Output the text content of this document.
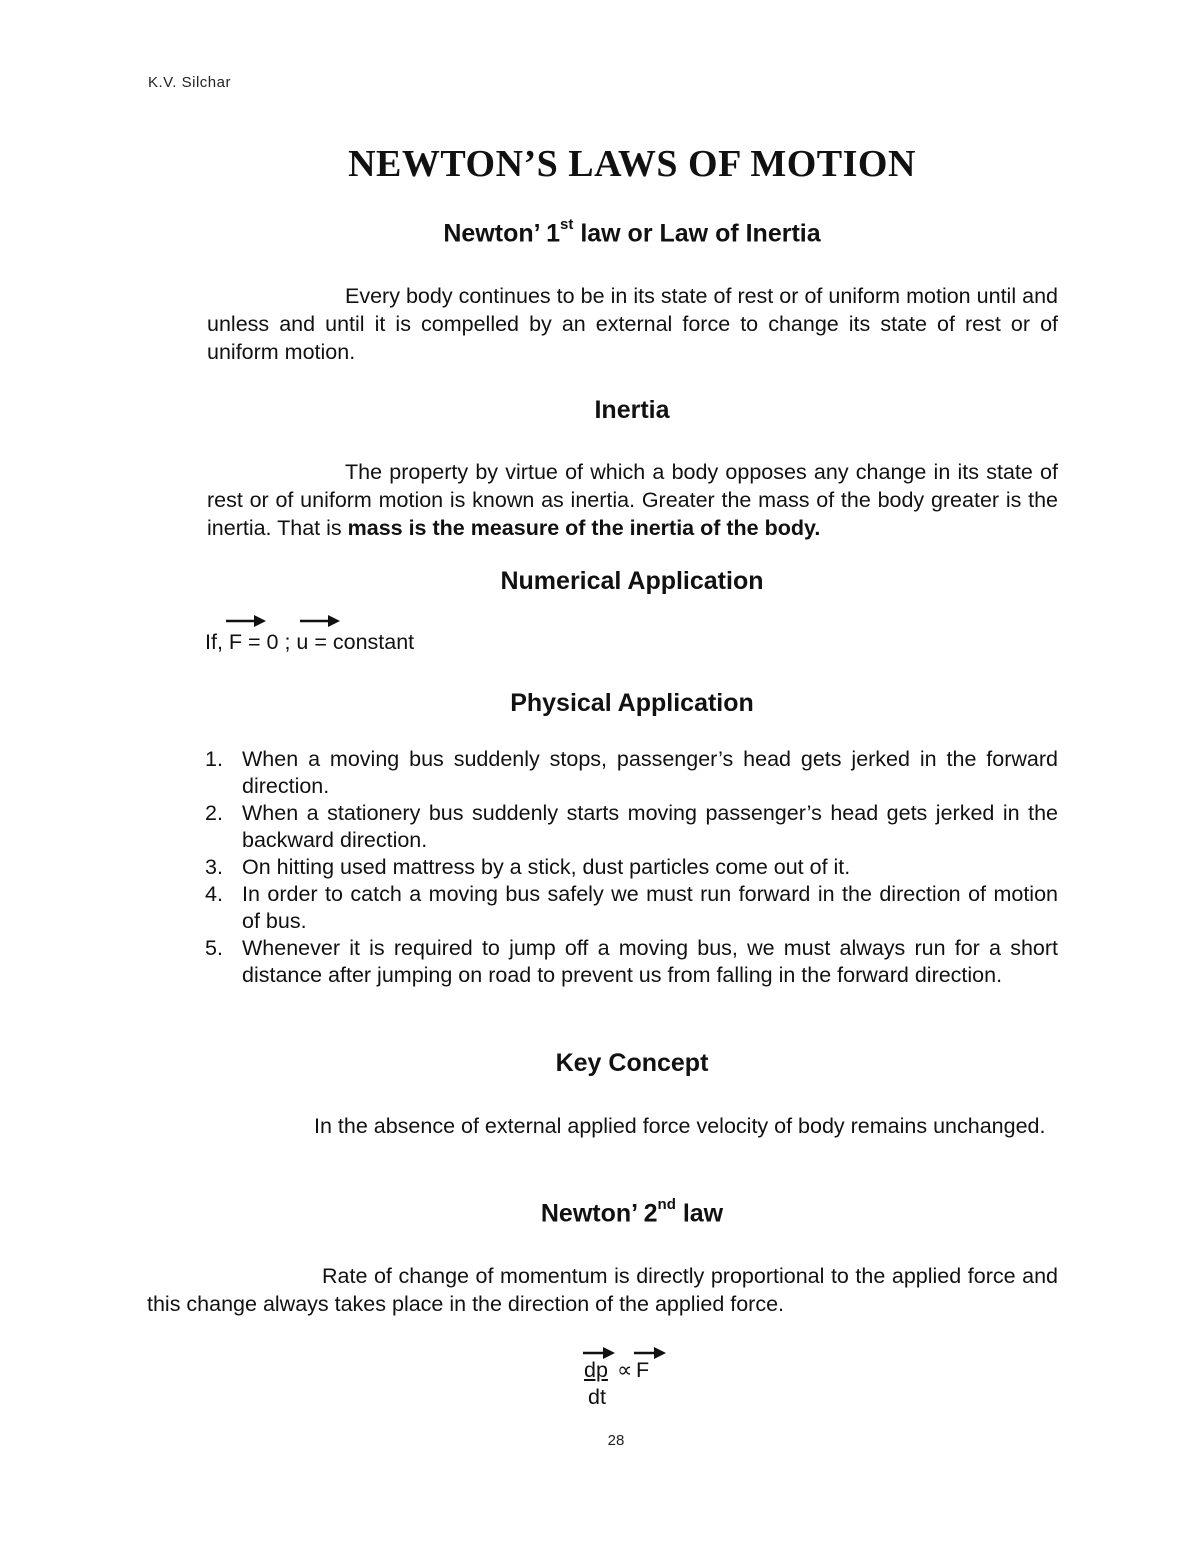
K.V. Silchar
NEWTON’S LAWS OF MOTION
Newton’ 1st law or Law of Inertia
Every body continues to be in its state of rest or of uniform motion until and unless and until it is compelled by an external force to change its state of rest or of uniform motion.
Inertia
The property by virtue of which a body opposes any change in its state of rest or of uniform motion is known as inertia. Greater the mass of the body greater is the inertia. That is mass is the measure of the inertia of the body.
Numerical Application
If, F = 0 ; u = constant
Physical Application
1. When a moving bus suddenly stops, passenger’s head gets jerked in the forward direction.
2. When a stationery bus suddenly starts moving passenger’s head gets jerked in the backward direction.
3. On hitting used mattress by a stick, dust particles come out of it.
4. In order to catch a moving bus safely we must run forward in the direction of motion of bus.
5. Whenever it is required to jump off a moving bus, we must always run for a short distance after jumping on road to prevent us from falling in the forward direction.
Key Concept
In the absence of external applied force velocity of body remains unchanged.
Newton’ 2nd law
Rate of change of momentum is directly proportional to the applied force and this change always takes place in the direction of the applied force.
dp ∝ F
dt
28
